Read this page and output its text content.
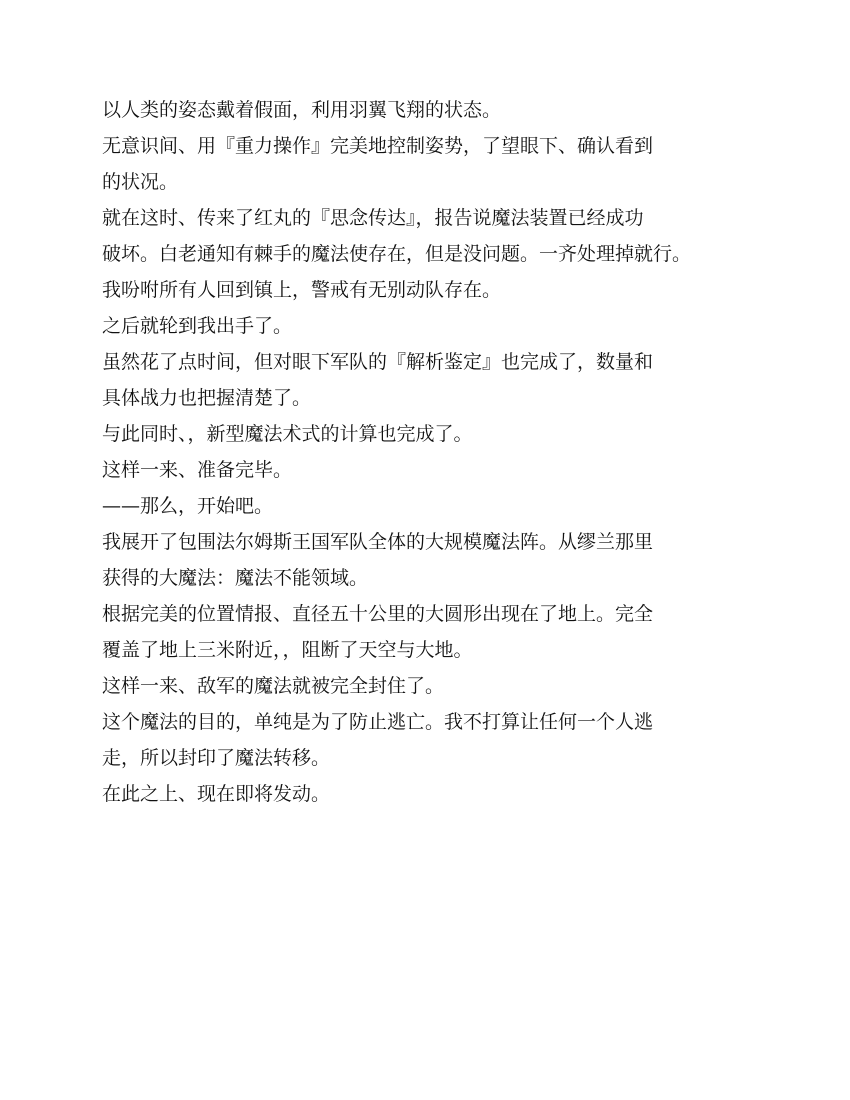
以人类的姿态戴着假面，利用羽翼飞翔的状态。

无意识间、用『重力操作』完美地控制姿势，了望眼下、确认看到

的状况。

就在这时、传来了红丸的『思念传达』，报告说魔法装置已经成功

破坏。白老通知有棘手的魔法使存在，但是没问题。一齐处理掉就行。

我吩咐所有人回到镇上，警戒有无别动队存在。

之后就轮到我出手了。

虽然花了点时间，但对眼下军队的『解析鉴定』也完成了，数量和

具体战力也把握清楚了。

与此同时、，新型魔法术式的计算也完成了。

这样一来、准备完毕。

——那么，开始吧。

我展开了包围法尔姆斯王国军队全体的大规模魔法阵。从缪兰那里

获得的大魔法：魔法不能领域。

根据完美的位置情报、直径五十公里的大圆形出现在了地上。完全

覆盖了地上三米附近，，阻断了天空与大地。

这样一来、敌军的魔法就被完全封住了。

这个魔法的目的，单纯是为了防止逃亡。我不打算让任何一个人逃

走，所以封印了魔法转移。

在此之上、现在即将发动。
